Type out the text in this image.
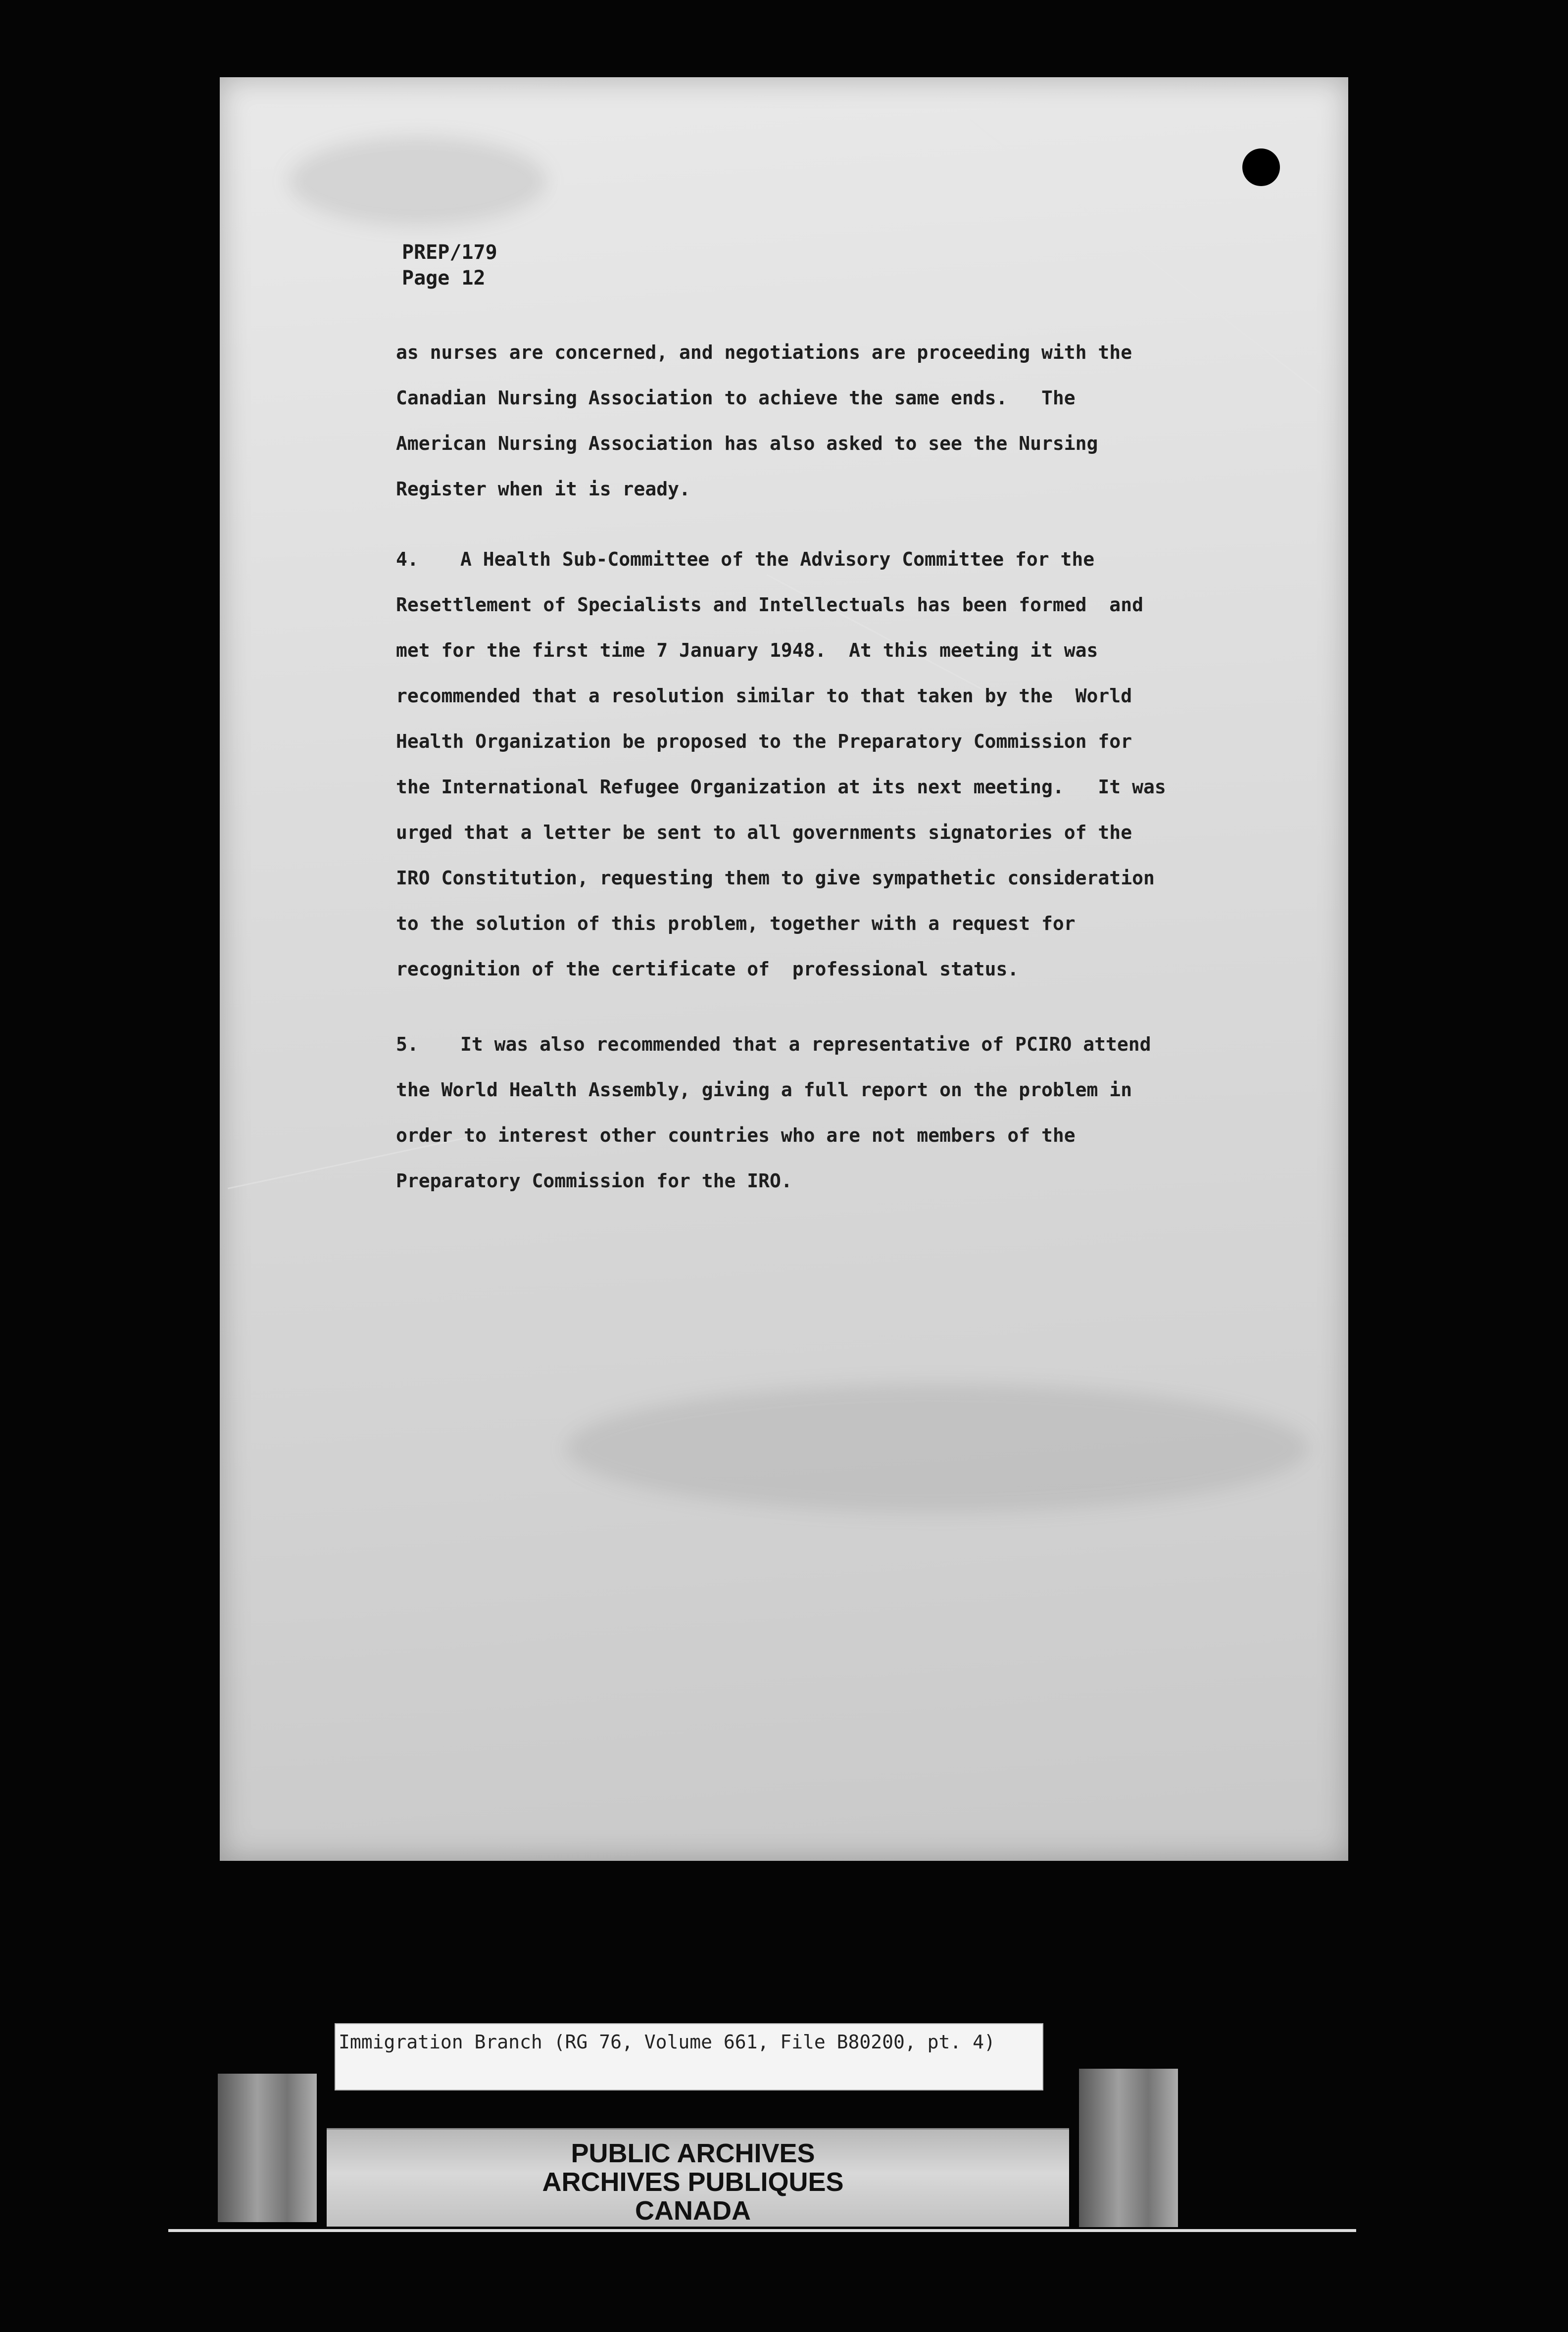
PREP/179
Page 12
as nurses are concerned, and negotiations are proceeding with the
Canadian Nursing Association to achieve the same ends.   The
American Nursing Association has also asked to see the Nursing
Register when it is ready.
4. A Health Sub-Committee of the Advisory Committee for the
Resettlement of Specialists and Intellectuals has been formed  and
met for the first time 7 January 1948.  At this meeting it was
recommended that a resolution similar to that taken by the  World
Health Organization be proposed to the Preparatory Commission for
the International Refugee Organization at its next meeting.   It was
urged that a letter be sent to all governments signatories of the
IRO Constitution, requesting them to give sympathetic consideration
to the solution of this problem, together with a request for
recognition of the certificate of  professional status.
5. It was also recommended that a representative of PCIRO attend
the World Health Assembly, giving a full report on the problem in
order to interest other countries who are not members of the
Preparatory Commission for the IRO.
Immigration Branch (RG 76, Volume 661, File B80200, pt. 4)
PUBLIC ARCHIVES
ARCHIVES PUBLIQUES
CANADA
